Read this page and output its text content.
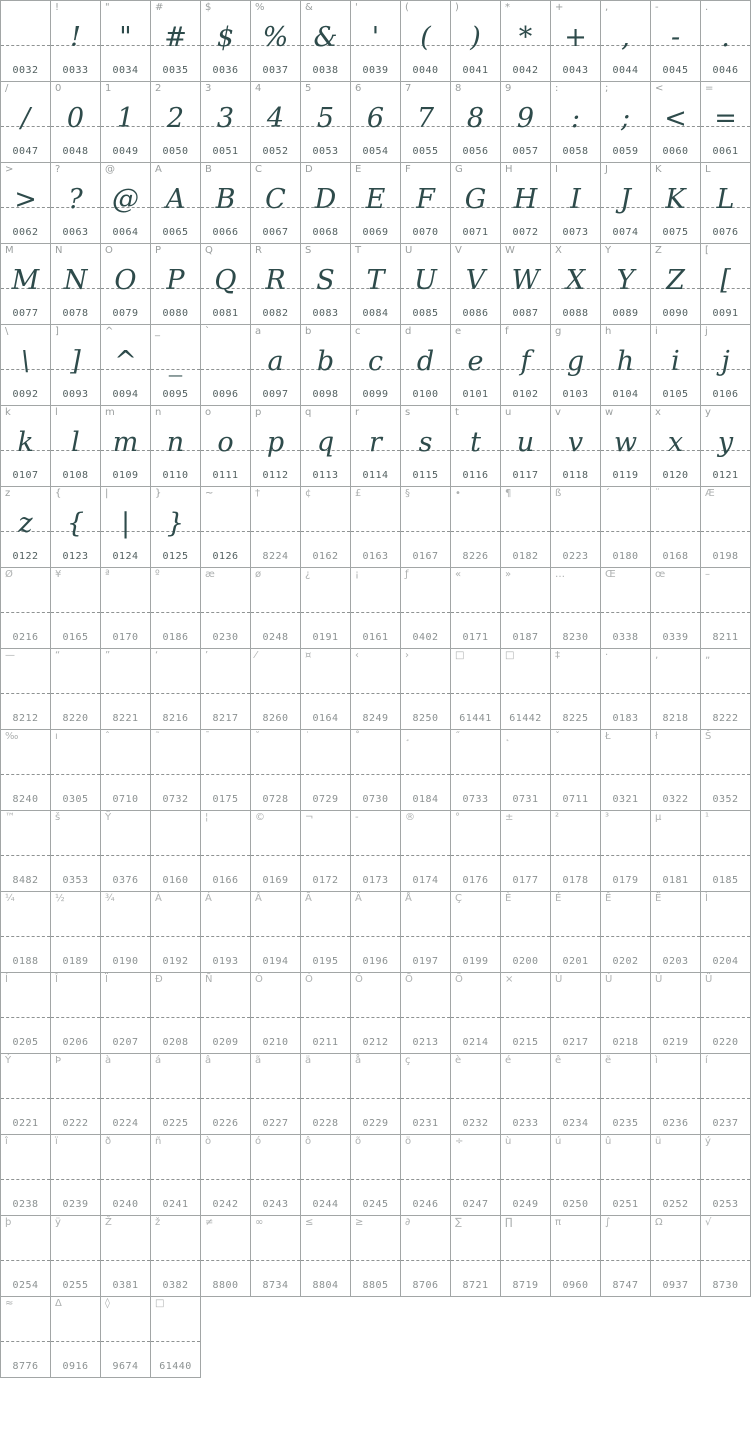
0032
!
!
0033
"
"
0034
#
#
0035
$
$
0036
%
%
0037
&
&
0038
'
'
0039
(
(
0040
)
)
0041
*
*
0042
+
+
0043
,
,
0044
-
-
0045
.
.
0046
/
/
0047
0
0
0048
1
1
0049
2
2
0050
3
3
0051
4
4
0052
5
5
0053
6
6
0054
7
7
0055
8
8
0056
9
9
0057
:
:
0058
;
;
0059
<
<
0060
=
=
0061
>
>
0062
?
?
0063
@
@
0064
A
A
0065
B
B
0066
C
C
0067
D
D
0068
E
E
0069
F
F
0070
G
G
0071
H
H
0072
I
I
0073
J
J
0074
K
K
0075
L
L
0076
M
M
0077
N
N
0078
O
O
0079
P
P
0080
Q
Q
0081
R
R
0082
S
S
0083
T
T
0084
U
U
0085
V
V
0086
W
W
0087
X
X
0088
Y
Y
0089
Z
Z
0090
[
[
0091
\
\
0092
]
]
0093
^
^
0094
_
_
0095
`
0096
a
a
0097
b
b
0098
c
c
0099
d
d
0100
e
e
0101
f
f
0102
g
g
0103
h
h
0104
i
i
0105
j
j
0106
k
k
0107
l
l
0108
m
m
0109
n
n
0110
o
o
0111
p
p
0112
q
q
0113
r
r
0114
s
s
0115
t
t
0116
u
u
0117
v
v
0118
w
w
0119
x
x
0120
y
y
0121
z
z
0122
{
{
0123
|
|
0124
}
}
0125
~
0126
†
8224
¢
0162
£
0163
§
0167
•
8226
¶
0182
ß
0223
´
0180
¨
0168
Æ
0198
Ø
0216
¥
0165
ª
0170
º
0186
æ
0230
ø
0248
¿
0191
¡
0161
ƒ
0402
«
0171
»
0187
…
8230
Œ
0338
œ
0339
–
8211
—
8212
“
8220
”
8221
‘
8216
’
8217
⁄
8260
¤
0164
‹
8249
›
8250
□
61441
□
61442
‡
8225
·
0183
‚
8218
„
8222
‰
8240
ı
0305
ˆ
0710
˜
0732
¯
0175
˘
0728
˙
0729
˚
0730
¸
0184
˝
0733
˛
0731
ˇ
0711
Ł
0321
ł
0322
Š
0352
™
8482
š
0353
Ÿ
0376
	0160
¦
0166
©
0169
¬
0172
-
0173
®
0174
°
0176
±
0177
²
0178
³
0179
µ
0181
¹
0185
¼
0188
½
0189
¾
0190
À
0192
Á
0193
Â
0194
Ã
0195
Ä
0196
Å
0197
Ç
0199
È
0200
É
0201
Ê
0202
Ë
0203
Ì
0204
Í
0205
Î
0206
Ï
0207
Ð
0208
Ñ
0209
Ò
0210
Ó
0211
Ô
0212
Õ
0213
Ö
0214
×
0215
Ù
0217
Ú
0218
Û
0219
Ü
0220
Ý
0221
Þ
0222
à
0224
á
0225
â
0226
ã
0227
ä
0228
å
0229
ç
0231
è
0232
é
0233
ê
0234
ë
0235
ì
0236
í
0237
î
0238
ï
0239
ð
0240
ñ
0241
ò
0242
ó
0243
ô
0244
õ
0245
ö
0246
÷
0247
ù
0249
ú
0250
û
0251
ü
0252
ý
0253
þ
0254
ÿ
0255
Ž
0381
ž
0382
≠
8800
∞
8734
≤
8804
≥
8805
∂
8706
∑
8721
∏
8719
π
0960
∫
8747
Ω
0937
√
8730
≈
8776
Δ
0916
◊
9674
□
61440
